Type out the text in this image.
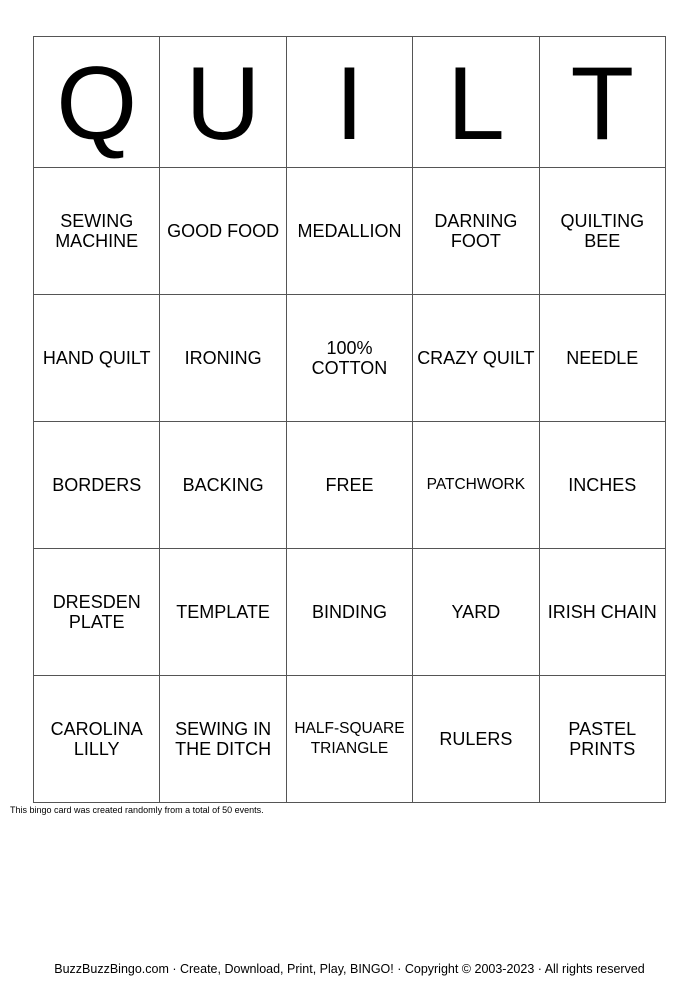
Q	U	I	L	T
SEWING MACHINE	GOOD FOOD	MEDALLION	DARNING FOOT	QUILTING BEE
HAND QUILT	IRONING	100% COTTON	CRAZY QUILT	NEEDLE
BORDERS	BACKING	FREE	PATCHWORK	INCHES
DRESDEN PLATE	TEMPLATE	BINDING	YARD	IRISH CHAIN
CAROLINA LILLY	SEWING IN THE DITCH	HALF-SQUARE TRIANGLE	RULERS	PASTEL PRINTS
This bingo card was created randomly from a total of 50 events.
BuzzBuzzBingo.com · Create, Download, Print, Play, BINGO! · Copyright © 2003-2023 · All rights reserved
